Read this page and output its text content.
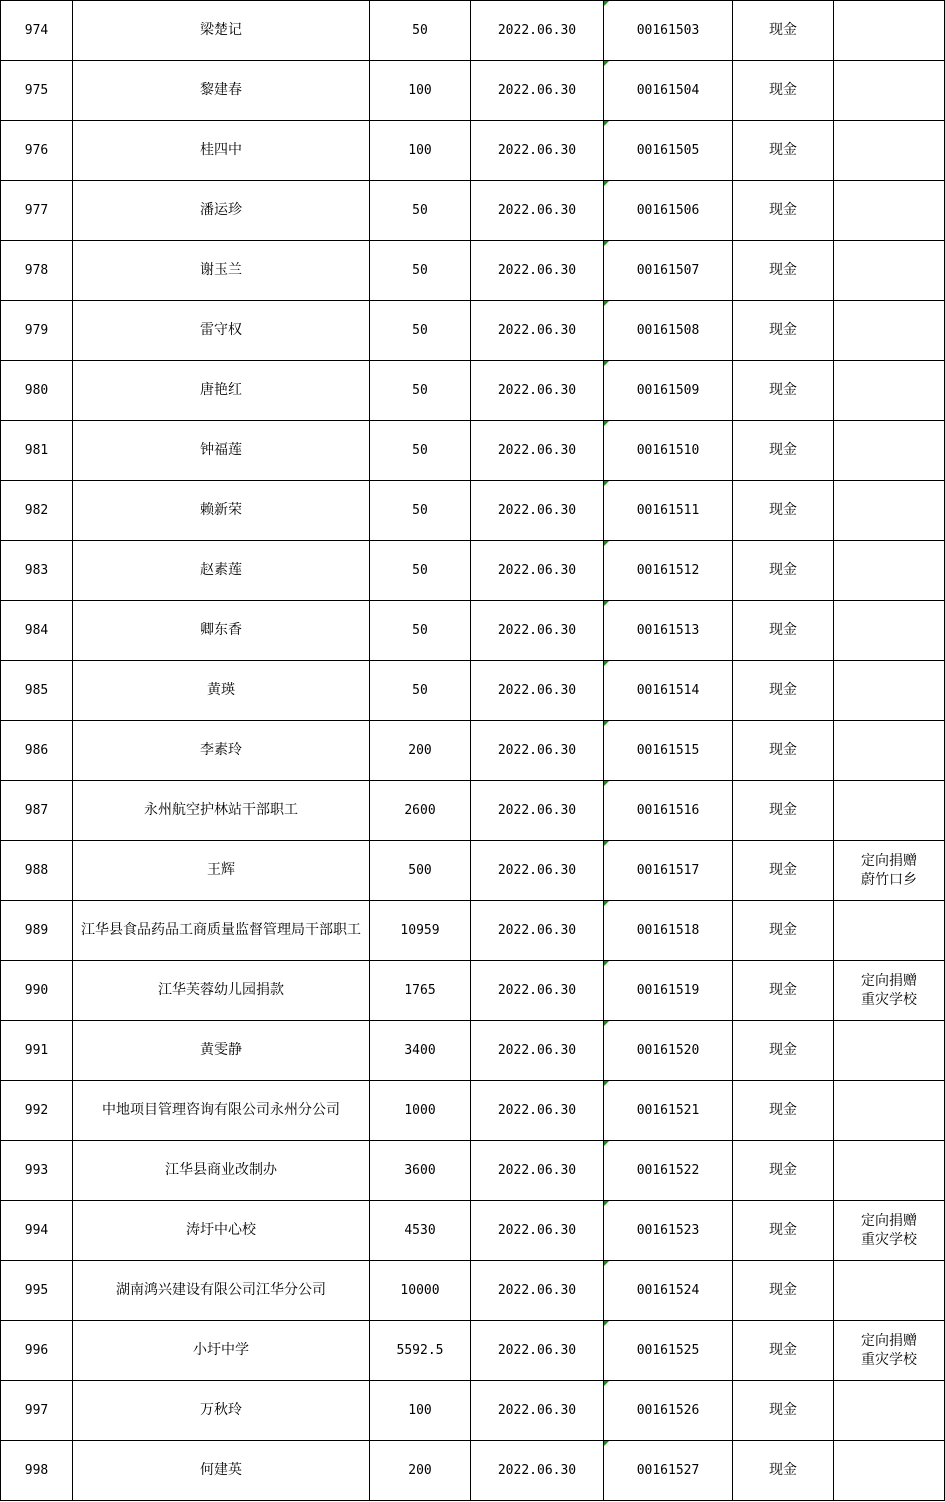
974	梁楚记	50	2022.06.30	00161503	现金	
975	黎建春	100	2022.06.30	00161504	现金	
976	桂四中	100	2022.06.30	00161505	现金	
977	潘运珍	50	2022.06.30	00161506	现金	
978	谢玉兰	50	2022.06.30	00161507	现金	
979	雷守权	50	2022.06.30	00161508	现金	
980	唐艳红	50	2022.06.30	00161509	现金	
981	钟福莲	50	2022.06.30	00161510	现金	
982	赖新荣	50	2022.06.30	00161511	现金	
983	赵素莲	50	2022.06.30	00161512	现金	
984	卿东香	50	2022.06.30	00161513	现金	
985	黄瑛	50	2022.06.30	00161514	现金	
986	李素玲	200	2022.06.30	00161515	现金	
987	永州航空护林站干部职工	2600	2022.06.30	00161516	现金	
988	王辉	500	2022.06.30	00161517	现金	定向捐赠
蔚竹口乡

989	江华县食品药品工商质量监督管理局干部职工	10959	2022.06.30	00161518	现金	
990	江华芙蓉幼儿园捐款	1765	2022.06.30	00161519	现金	定向捐赠
重灾学校

991	黄雯静	3400	2022.06.30	00161520	现金	
992	中地项目管理咨询有限公司永州分公司	1000	2022.06.30	00161521	现金	
993	江华县商业改制办	3600	2022.06.30	00161522	现金	
994	涛圩中心校	4530	2022.06.30	00161523	现金	定向捐赠
重灾学校

995	湖南鸿兴建设有限公司江华分公司	10000	2022.06.30	00161524	现金	
996	小圩中学	5592.5	2022.06.30	00161525	现金	定向捐赠
重灾学校

997	万秋玲	100	2022.06.30	00161526	现金	
998	何建英	200	2022.06.30	00161527	现金	
